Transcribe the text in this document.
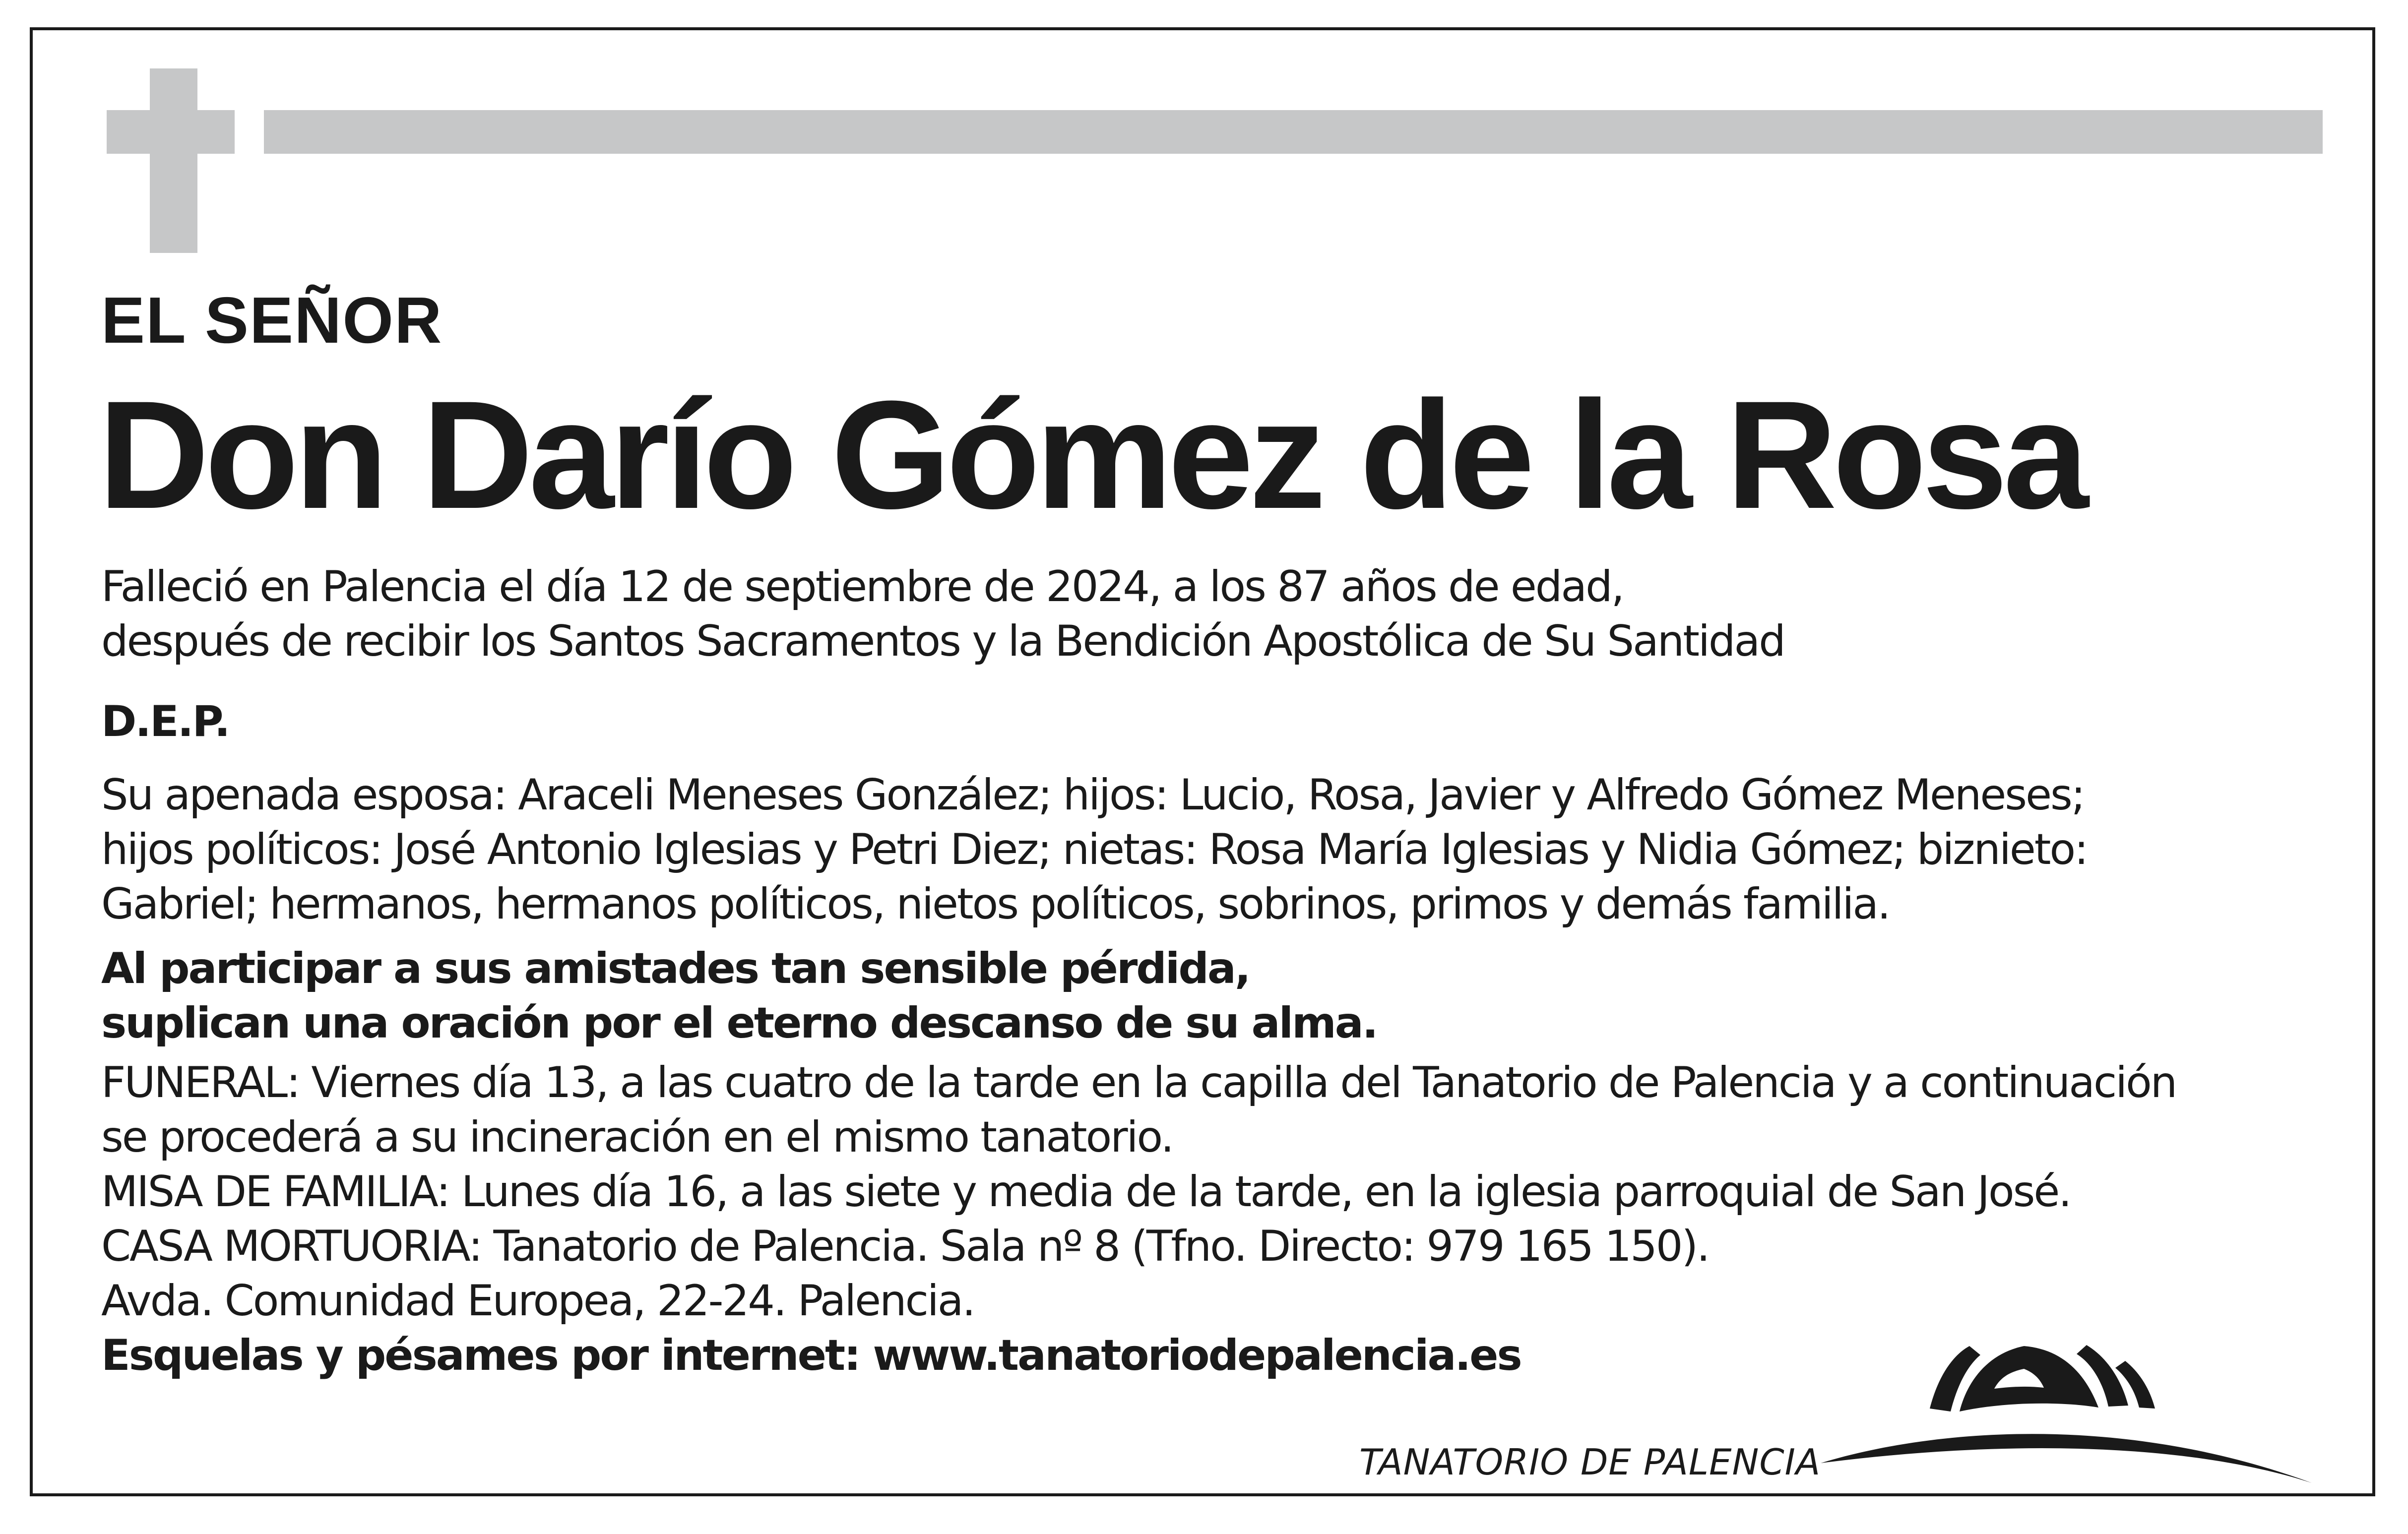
EL SEÑOR
Don Darío Gómez de la Rosa
Falleció en Palencia el día 12 de septiembre de 2024, a los 87 años de edad,
después de recibir los Santos Sacramentos y la Bendición Apostólica de Su Santidad
D.E.P.
Su apenada esposa: Araceli Meneses González; hijos: Lucio, Rosa, Javier y Alfredo Gómez Meneses;
hijos políticos: José Antonio Iglesias y Petri Diez; nietas: Rosa María Iglesias y Nidia Gómez; biznieto:
Gabriel; hermanos, hermanos políticos, nietos políticos, sobrinos, primos y demás familia.
Al participar a sus amistades tan sensible pérdida,
suplican una oración por el eterno descanso de su alma.
FUNERAL: Viernes día 13, a las cuatro de la tarde en la capilla del Tanatorio de Palencia y a continuación
se procederá a su incineración en el mismo tanatorio.
MISA DE FAMILIA: Lunes día 16, a las siete y media de la tarde, en la iglesia parroquial de San José.
CASA MORTUORIA: Tanatorio de Palencia. Sala nº 8 (Tfno. Directo: 979 165 150).
Avda. Comunidad Europea, 22-24. Palencia.
Esquelas y pésames por internet: www.tanatoriodepalencia.es
TANATORIO DE PALENCIA
